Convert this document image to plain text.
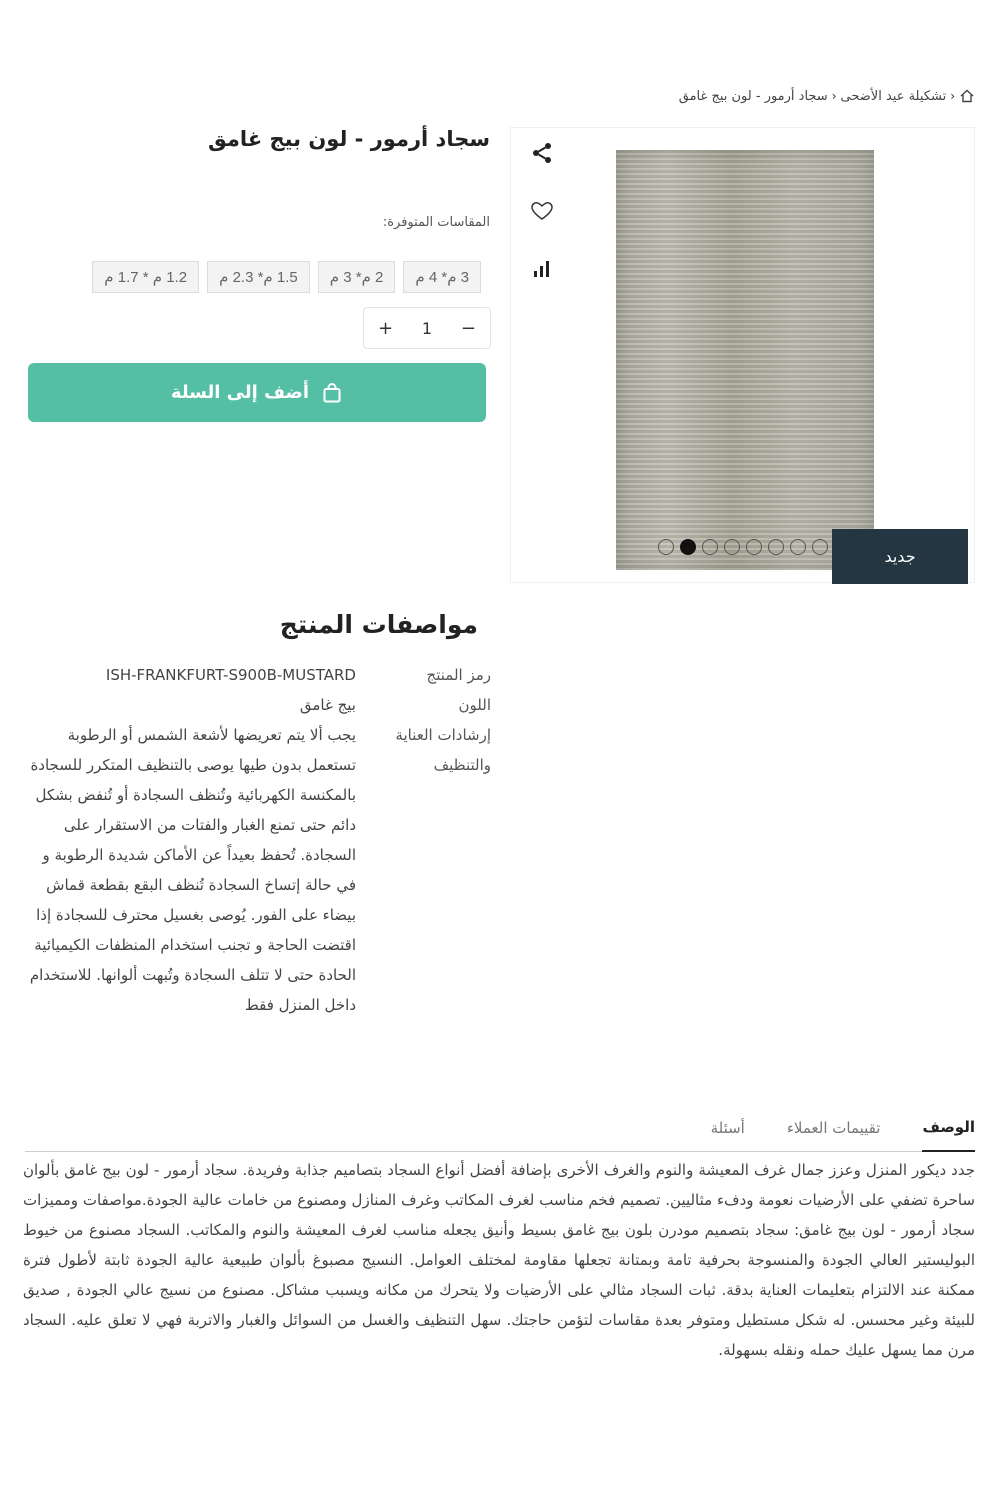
‹
تشكيلة عيد الأضحى
‹
سجاد أرمور - لون بيج غامق
جديد
سجاد أرمور - لون بيج غامق
المقاسات المتوفرة:
3 م* 4 م
2 م* 3 م
1.5 م* 2.3 م
1.2 م * 1.7 م
−
1
+
أضف إلى السلة
مواصفات المنتج
رمز المنتج
ISH-FRANKFURT-S900B-MUSTARD
اللون
بيج غامق
إرشادات العناية والتنظيف
يجب ألا يتم تعريضها لأشعة الشمس أو الرطوبة تستعمل بدون طيها يوصى بالتنظيف المتكرر للسجادة بالمكنسة الكهربائية وتُنظف السجادة أو تُنفض بشكل دائم حتى تمنع الغبار والفتات من الاستقرار على السجادة. تُحفظ بعيداً عن الأماكن شديدة الرطوبة و في حالة إتساخ السجادة تُنظف البقع بقطعة قماش بيضاء على الفور. يُوصى بغسيل محترف للسجادة إذا اقتضت الحاجة و تجنب استخدام المنظفات الكيميائية الحادة حتى لا تتلف السجادة وتُبهت ألوانها. للاستخدام داخل المنزل فقط
الوصف
تقييمات العملاء
أسئلة

جدد ديكور المنزل وعزز جمال غرف المعيشة والنوم والغرف الأخرى بإضافة أفضل أنواع السجاد بتصاميم جذابة وفريدة. سجاد أرمور - لون بيج غامق بألوان ساحرة تضفي على الأرضيات نعومة ودفء مثاليين. تصميم فخم مناسب لغرف المكاتب وغرف المنازل ومصنوع من خامات عالية الجودة.مواصفات ومميزات سجاد أرمور - لون بيج غامق: سجاد بتصميم مودرن بلون بيج غامق بسيط وأنيق يجعله مناسب لغرف المعيشة والنوم والمكاتب. السجاد مصنوع من خيوط البوليستير العالي الجودة والمنسوجة بحرفية تامة وبمتانة تجعلها مقاومة لمختلف العوامل. النسيج مصبوغ بألوان طبيعية عالية الجودة ثابتة لأطول فترة ممكنة عند الالتزام بتعليمات العناية بدقة. ثبات السجاد مثالي على الأرضيات ولا يتحرك من مكانه ويسبب مشاكل. مصنوع من نسيج عالي الجودة , صديق للبيئة وغير محسس. له شكل مستطيل ومتوفر بعدة مقاسات لتؤمن حاجتك. سهل التنظيف والغسل من السوائل والغبار والاتربة فهي لا تعلق عليه. السجاد مرن مما يسهل عليك حمله ونقله بسهولة.
